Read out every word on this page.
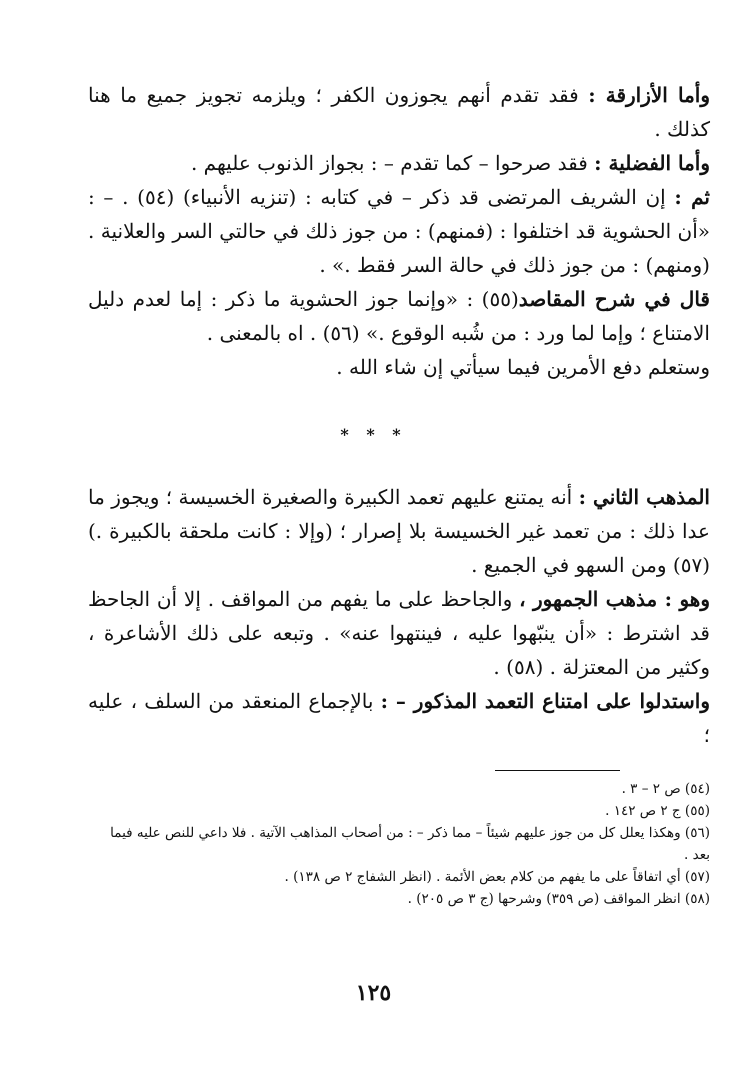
وأما الأزارقة : فقد تقدم أنهم يجوزون الكفر ؛ ويلزمه تجويز جميع ما هنا كذلك .

وأما الفضلية : فقد صرحوا – كما تقدم – : بجواز الذنوب عليهم .

ثم : إن الشريف المرتضى قد ذكر – في كتابه : (تنزيه الأنبياء) (٥٤) . – : «أن الحشوية قد اختلفوا : (فمنهم) : من جوز ذلك في حالتي السر والعلانية . (ومنهم) : من جوز ذلك في حالة السر فقط .» .

قال في شرح المقاصد(٥٥) : «وإنما جوز الحشوية ما ذكر : إما لعدم دليل الامتناع ؛ وإما لما ورد : من شُبه الوقوع .» (٥٦) . اه بالمعنى .

وستعلم دفع الأمرين فيما سيأتي إن شاء الله .

* * *

المذهب الثاني : أنه يمتنع عليهم تعمد الكبيرة والصغيرة الخسيسة ؛ ويجوز ما عدا ذلك : من تعمد غير الخسيسة بلا إصرار ؛ (وإلا : كانت ملحقة بالكبيرة .) (٥٧) ومن السهو في الجميع .

وهو : مذهب الجمهور ، والجاحظ على ما يفهم من المواقف . إلا أن الجاحظ قد اشترط : «أن ينبّهوا عليه ، فينتهوا عنه» . وتبعه على ذلك الأشاعرة ، وكثير من المعتزلة . (٥٨) .

واستدلوا على امتناع التعمد المذكور – : بالإجماع المنعقد من السلف ، عليه ؛

(٥٤) ص ٢ – ٣ .

(٥٥) ج ٢ ص ١٤٢ .

(٥٦) وهكذا يعلل كل من جوز عليهم شيئاً – مما ذكر – : من أصحاب المذاهب الآتية . فلا داعي للنص عليه فيما بعد .

(٥٧) أي اتفاقاً على ما يفهم من كلام بعض الأئمة . (انظر الشفاج ٢ ص ١٣٨) .

(٥٨) انظر المواقف (ص ٣٥٩) وشرحها (ج ٣ ص ٢٠٥) .

١٢٥
